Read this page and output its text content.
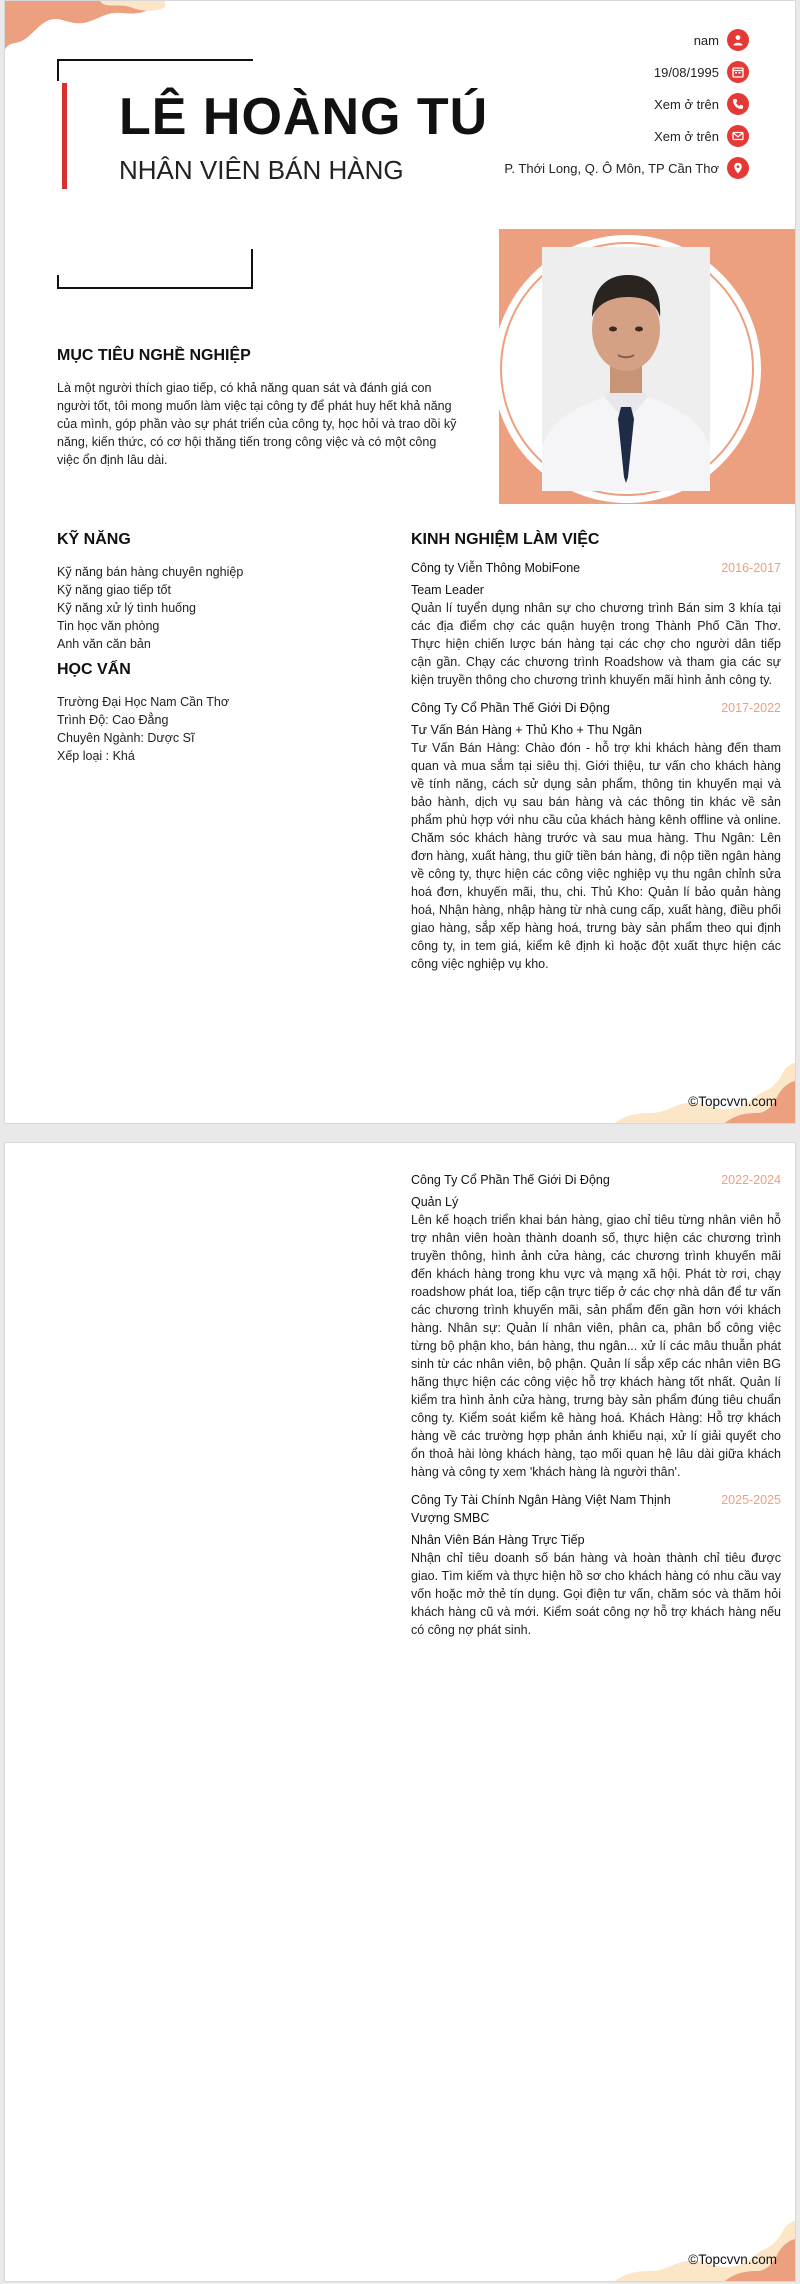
LÊ HOÀNG TÚ
NHÂN VIÊN BÁN HÀNG
nam
19/08/1995
Xem ở trên
Xem ở trên
P. Thới Long, Q. Ô Môn, TP Cần Thơ
MỤC TIÊU NGHỀ NGHIỆP

Là một người thích giao tiếp, có khả năng quan sát và đánh giá con người tốt, tôi mong muốn làm việc tại công ty để phát huy hết khả năng của mình, góp phần vào sự phát triển của công ty, học hỏi và trao dồi kỹ năng, kiến thức, có cơ hội thăng tiến trong công việc và có một công việc ổn định lâu dài.

KỸ NĂNG
Kỹ năng bán hàng chuyên nghiệp
Kỹ năng giao tiếp tốt
Kỹ năng xử lý tình huống
Tin học văn phòng
Anh văn căn bản
HỌC VẤN
Trường Đại Học Nam Cần Thơ
Trình Độ: Cao Đẳng
Chuyên Ngành: Dược Sĩ
Xếp loại : Khá
KINH NGHIỆM LÀM VIỆC
Công ty Viễn Thông MobiFone	2016-2017
Team Leader

Quản lí tuyển dụng nhân sự cho chương trình Bán sim 3 khía tại các địa điểm chợ các quận huyện trong Thành Phố Cần Thơ. Thực hiện chiến lược bán hàng tại các chợ cho người dân tiếp cận gần. Chạy các chương trình Roadshow và tham gia các sự kiện truyền thông cho chương trình khuyến mãi hình ảnh công ty.

Công Ty Cổ Phần Thế Giới Di Động	2017-2022
Tư Vấn Bán Hàng + Thủ Kho + Thu Ngân

Tư Vấn Bán Hàng: Chào đón - hỗ trợ khi khách hàng đến tham quan và mua sắm tại siêu thị. Giới thiệu, tư vấn cho khách hàng về tính năng, cách sử dụng sản phẩm, thông tin khuyến mại và bảo hành, dịch vụ sau bán hàng và các thông tin khác về sản phẩm phù hợp với nhu cầu của khách hàng kênh offline và online. Chăm sóc khách hàng trước và sau mua hàng. Thu Ngân: Lên đơn hàng, xuất hàng, thu giữ tiền bán hàng, đi nộp tiền ngân hàng về công ty, thực hiện các công việc nghiệp vụ thu ngân chỉnh sửa hoá đơn, khuyến mãi, thu, chi. Thủ Kho: Quản lí bảo quản hàng hoá, Nhận hàng, nhập hàng từ nhà cung cấp, xuất hàng, điều phối giao hàng, sắp xếp hàng hoá, trưng bày sản phẩm theo qui định công ty, in tem giá, kiểm kê định kì hoặc đột xuất thực hiện các công việc nghiệp vụ kho.

©Topcvvn.com
Công Ty Cổ Phần Thế Giới Di Động	2022-2024
Quản Lý

Lên kế hoạch triển khai bán hàng, giao chỉ tiêu từng nhân viên hỗ trợ nhân viên hoàn thành doanh số, thực hiện các chương trình truyền thông, hình ảnh cửa hàng, các chương trình khuyến mãi đến khách hàng trong khu vực và mạng xã hội. Phát tờ rơi, chạy roadshow phát loa, tiếp cận trực tiếp ở các chợ nhà dân để tư vấn các chương trình khuyến mãi, sản phẩm đến gần hơn với khách hàng. Nhân sự: Quản lí nhân viên, phân ca, phân bổ công việc từng bộ phận kho, bán hàng, thu ngân... xử lí các mâu thuẫn phát sinh từ các nhân viên, bộ phận. Quản lí sắp xếp các nhân viên BG hãng thực hiện các công việc hỗ trợ khách hàng tốt nhất. Quản lí kiểm tra hình ảnh cửa hàng, trưng bày sản phẩm đúng tiêu chuẩn công ty. Kiểm soát kiểm kê hàng hoá. Khách Hàng: Hỗ trợ khách hàng về các trường hợp phản ánh khiếu nại, xử lí giải quyết cho ổn thoả hài lòng khách hàng, tạo mối quan hệ lâu dài giữa khách hàng và công ty xem 'khách hàng là người thân'.

Công Ty Tài Chính Ngân Hàng Việt Nam Thịnh Vượng SMBC
2025-2025
Nhân Viên Bán Hàng Trực Tiếp

Nhận chỉ tiêu doanh số bán hàng và hoàn thành chỉ tiêu được giao. Tìm kiếm và thực hiện hồ sơ cho khách hàng có nhu cầu vay vốn hoặc mở thẻ tín dụng. Gọi điện tư vấn, chăm sóc và thăm hỏi khách hàng cũ và mới. Kiểm soát công nợ hỗ trợ khách hàng nếu có công nợ phát sinh.

©Topcvvn.com
